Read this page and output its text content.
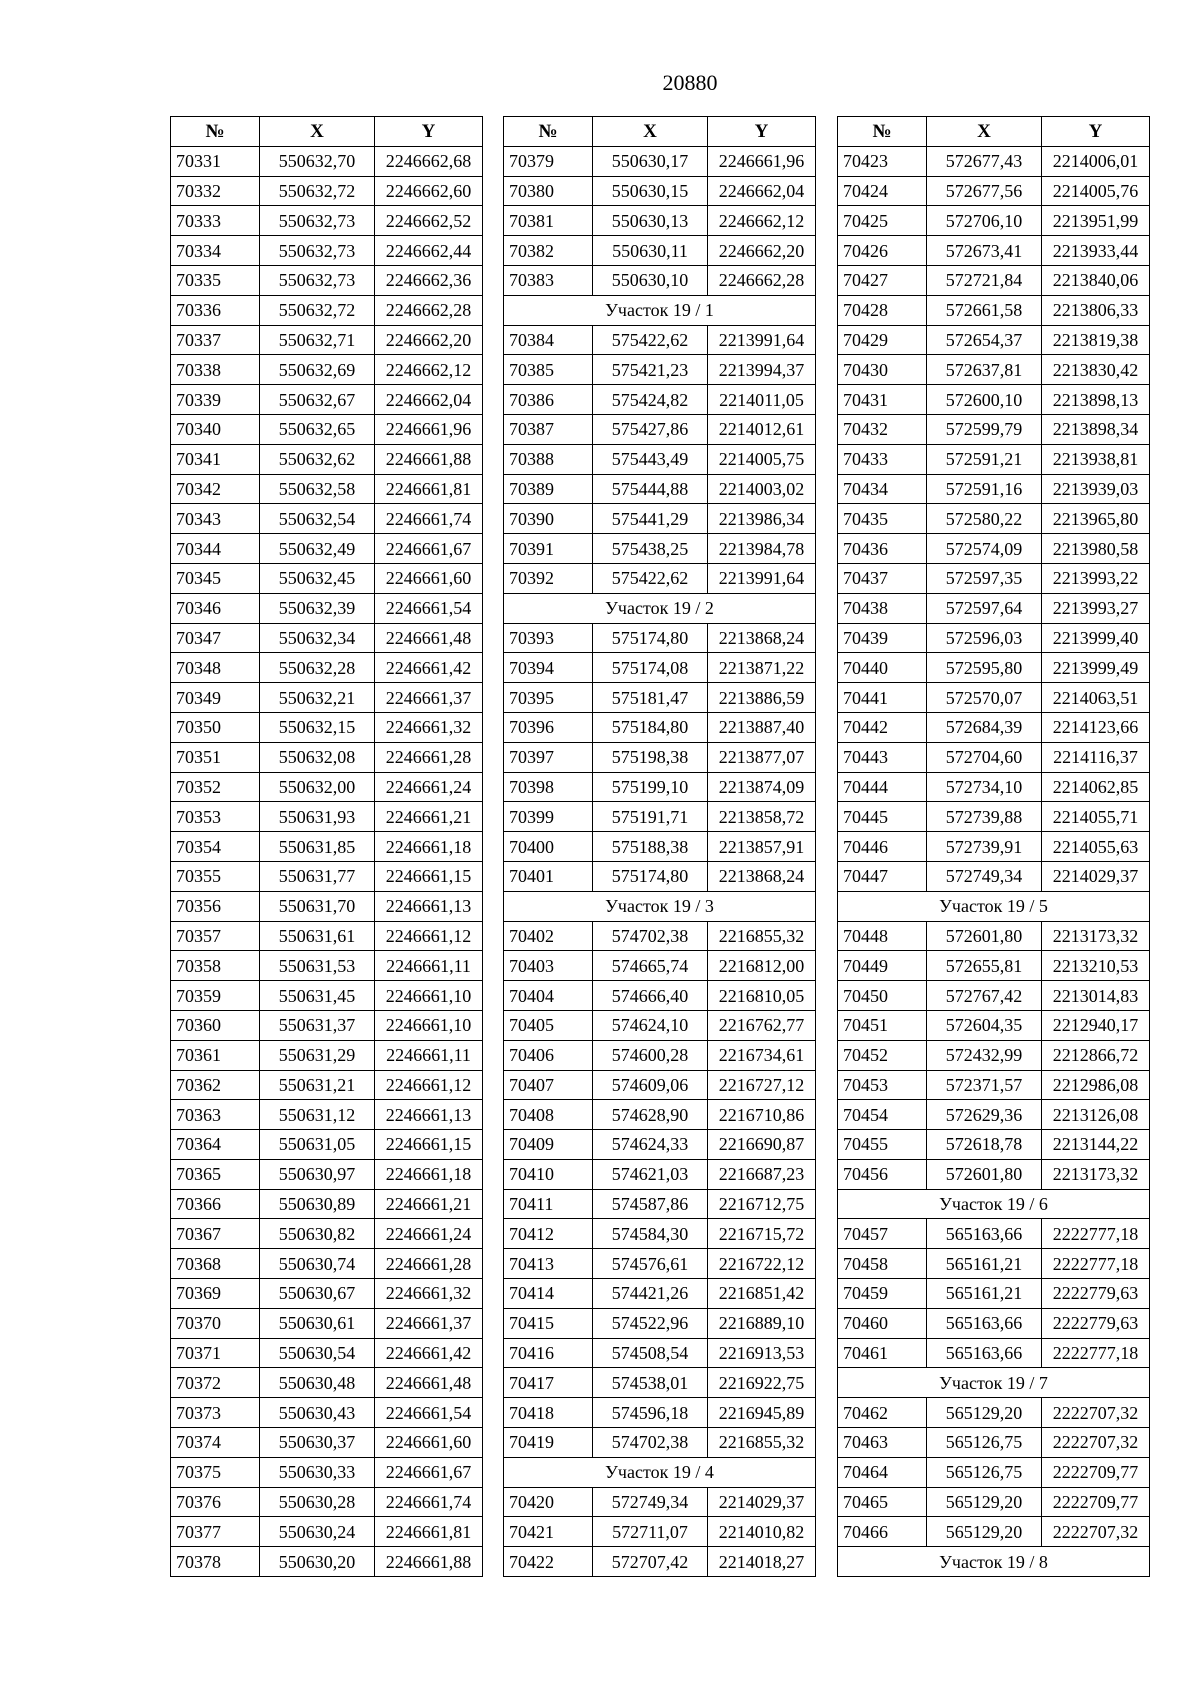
20880
№	X	Y
70331	550632,70	2246662,68
70332	550632,72	2246662,60
70333	550632,73	2246662,52
70334	550632,73	2246662,44
70335	550632,73	2246662,36
70336	550632,72	2246662,28
70337	550632,71	2246662,20
70338	550632,69	2246662,12
70339	550632,67	2246662,04
70340	550632,65	2246661,96
70341	550632,62	2246661,88
70342	550632,58	2246661,81
70343	550632,54	2246661,74
70344	550632,49	2246661,67
70345	550632,45	2246661,60
70346	550632,39	2246661,54
70347	550632,34	2246661,48
70348	550632,28	2246661,42
70349	550632,21	2246661,37
70350	550632,15	2246661,32
70351	550632,08	2246661,28
70352	550632,00	2246661,24
70353	550631,93	2246661,21
70354	550631,85	2246661,18
70355	550631,77	2246661,15
70356	550631,70	2246661,13
70357	550631,61	2246661,12
70358	550631,53	2246661,11
70359	550631,45	2246661,10
70360	550631,37	2246661,10
70361	550631,29	2246661,11
70362	550631,21	2246661,12
70363	550631,12	2246661,13
70364	550631,05	2246661,15
70365	550630,97	2246661,18
70366	550630,89	2246661,21
70367	550630,82	2246661,24
70368	550630,74	2246661,28
70369	550630,67	2246661,32
70370	550630,61	2246661,37
70371	550630,54	2246661,42
70372	550630,48	2246661,48
70373	550630,43	2246661,54
70374	550630,37	2246661,60
70375	550630,33	2246661,67
70376	550630,28	2246661,74
70377	550630,24	2246661,81
70378	550630,20	2246661,88
№	X	Y
70379	550630,17	2246661,96
70380	550630,15	2246662,04
70381	550630,13	2246662,12
70382	550630,11	2246662,20
70383	550630,10	2246662,28
Участок 19 / 1		
70384	575422,62	2213991,64
70385	575421,23	2213994,37
70386	575424,82	2214011,05
70387	575427,86	2214012,61
70388	575443,49	2214005,75
70389	575444,88	2214003,02
70390	575441,29	2213986,34
70391	575438,25	2213984,78
70392	575422,62	2213991,64
Участок 19 / 2		
70393	575174,80	2213868,24
70394	575174,08	2213871,22
70395	575181,47	2213886,59
70396	575184,80	2213887,40
70397	575198,38	2213877,07
70398	575199,10	2213874,09
70399	575191,71	2213858,72
70400	575188,38	2213857,91
70401	575174,80	2213868,24
Участок 19 / 3		
70402	574702,38	2216855,32
70403	574665,74	2216812,00
70404	574666,40	2216810,05
70405	574624,10	2216762,77
70406	574600,28	2216734,61
70407	574609,06	2216727,12
70408	574628,90	2216710,86
70409	574624,33	2216690,87
70410	574621,03	2216687,23
70411	574587,86	2216712,75
70412	574584,30	2216715,72
70413	574576,61	2216722,12
70414	574421,26	2216851,42
70415	574522,96	2216889,10
70416	574508,54	2216913,53
70417	574538,01	2216922,75
70418	574596,18	2216945,89
70419	574702,38	2216855,32
Участок 19 / 4		
70420	572749,34	2214029,37
70421	572711,07	2214010,82
70422	572707,42	2214018,27
№	X	Y
70423	572677,43	2214006,01
70424	572677,56	2214005,76
70425	572706,10	2213951,99
70426	572673,41	2213933,44
70427	572721,84	2213840,06
70428	572661,58	2213806,33
70429	572654,37	2213819,38
70430	572637,81	2213830,42
70431	572600,10	2213898,13
70432	572599,79	2213898,34
70433	572591,21	2213938,81
70434	572591,16	2213939,03
70435	572580,22	2213965,80
70436	572574,09	2213980,58
70437	572597,35	2213993,22
70438	572597,64	2213993,27
70439	572596,03	2213999,40
70440	572595,80	2213999,49
70441	572570,07	2214063,51
70442	572684,39	2214123,66
70443	572704,60	2214116,37
70444	572734,10	2214062,85
70445	572739,88	2214055,71
70446	572739,91	2214055,63
70447	572749,34	2214029,37
Участок 19 / 5		
70448	572601,80	2213173,32
70449	572655,81	2213210,53
70450	572767,42	2213014,83
70451	572604,35	2212940,17
70452	572432,99	2212866,72
70453	572371,57	2212986,08
70454	572629,36	2213126,08
70455	572618,78	2213144,22
70456	572601,80	2213173,32
Участок 19 / 6		
70457	565163,66	2222777,18
70458	565161,21	2222777,18
70459	565161,21	2222779,63
70460	565163,66	2222779,63
70461	565163,66	2222777,18
Участок 19 / 7		
70462	565129,20	2222707,32
70463	565126,75	2222707,32
70464	565126,75	2222709,77
70465	565129,20	2222709,77
70466	565129,20	2222707,32
Участок 19 / 8		
